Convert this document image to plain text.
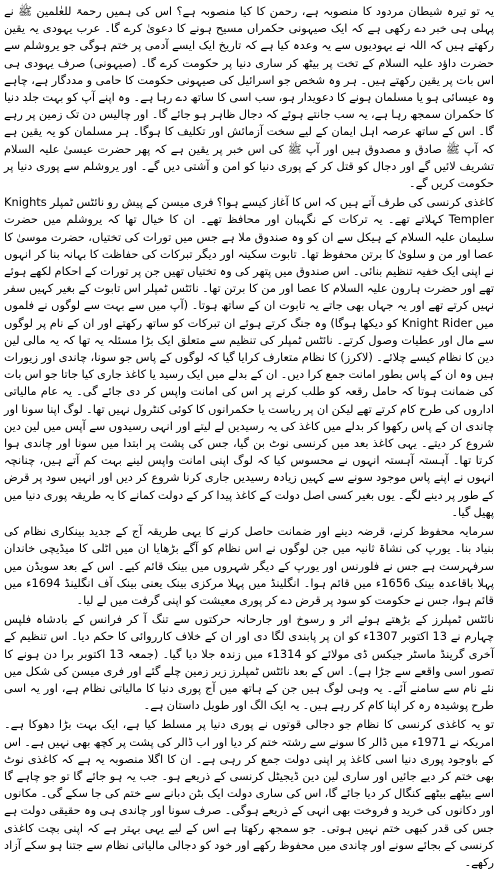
یہ تو تیرہ شیطان مردود کا منصوبہ ہے، رحمن کا کیا منصوبہ ہے؟ اس کی ہمیں رحمۃ للعٰلمین ﷺ نے پہلی ہی خبر دے رکھی ہے کہ ایک صیہونی حکمراں مسیح ہونے کا دعویٰ کرے گا۔ عرب یہودی یہ یقین رکھتے ہیں کہ اللہ نے یہودیوں سے یہ وعدہ کیا ہے کہ تاریخ ایک ایسے آدمی پر ختم ہوگی جو یروشلم سے حضرت داؤد علیہ السلام کے تخت پر بیٹھ کر ساری دنیا پر حکومت کرے گا۔ (صیہونی) صرف یہودی ہی اس بات پر یقین رکھتے ہیں۔ ہر وہ شخص جو اسرائیل کی صیہونی حکومت کا حامی و مددگار ہے، چاہے وہ عیسائی ہو یا مسلمان ہونے کا دعویدار ہو، سب اسی کا ساتھ دے رہا ہے۔ وہ اپنے آپ کو بہت جلد دنیا کا حکمران سمجھ رہا ہے، یہ سب جانتے ہوئے کہ دجال ظاہر ہو جائے گا۔ اور چالیس دن تک زمین پر رہے گا۔ اس کے ساتھ عرصہ اہل ایمان کے لیے سخت آزمائش اور تکلیف کا ہوگا۔ ہر مسلمان کو یہ یقین ہے کہ آپ ﷺ صادق و مصدوق ہیں اور آپ ﷺ کی اس خبر پر یقین ہے کہ پھر حضرت عیسیٰ علیہ السلام تشریف لائیں گے اور دجال کو قتل کر کے پوری دنیا کو امن و آشتی دیں گے۔ اور یروشلم سے پوری دنیا پر حکومت کریں گے۔

کاغذی کرنسی کی طرف آتے ہیں کہ اس کا آغاز کیسے ہوا؟ فری میسن کے پیش رو نائٹس ٹمپلر Knights Templer کہلاتے تھے۔ یہ ترکات کے نگہبان اور محافظ تھے۔ ان کا خیال تھا کہ یروشلم میں حضرت سلیمان علیہ السلام کے ہیکل سے ان کو وہ صندوق ملا ہے جس میں تورات کی تختیاں، حضرت موسیٰ کا عصا اور من و سلویٰ کا برتن محفوظ تھا۔ تابوت سکینہ اور دیگر تبرکات کی حفاظت کا بہانہ بنا کر انہوں نے اپنی ایک خفیہ تنظیم بنائی۔ اس صندوق میں پتھر کی وہ تختیاں تھیں جن پر تورات کے احکام لکھے ہوئے تھے اور حضرت ہارون علیہ السلام کا عصا اور من کا برتن تھا۔ نائٹس ٹمپلر اس تابوت کے بغیر کہیں سفر نہیں کرتے تھے اور یہ جہاں بھی جاتے یہ تابوت ان کے ساتھ ہوتا۔ (آپ میں سے بہت سے لوگوں نے فلموں میں Knight Rider کو دیکھا ہوگا) وہ جنگ کرتے ہوئے ان تبرکات کو ساتھ رکھتے اور ان کے نام پر لوگوں سے مال اور عطیات وصول کرتے۔ نائٹس ٹمپلر کی تنظیم سے متعلق ایک بڑا مسئلہ یہ تھا کہ یہ مالی لین دین کا نظام کیسے چلائے۔ (لاکرز) کا نظام متعارف کرایا گیا کہ لوگوں کے پاس جو سونا، چاندی اور زیورات ہیں وہ ان کے پاس بطور امانت جمع کرا دیں۔ ان کے بدلے میں ایک رسید یا کاغذ جاری کیا جاتا جو اس بات کی ضمانت ہوتا کہ حامل رقعہ کو طلب کرنے پر اس کی امانت واپس کر دی جائے گی۔ یہ عام مالیاتی اداروں کی طرح کام کرتے تھے لیکن ان پر ریاست یا حکمرانوں کا کوئی کنٹرول نہیں تھا۔ لوگ اپنا سونا اور چاندی ان کے پاس رکھوا کر بدلے میں کاغذ کی یہ رسیدیں لے لیتے اور انہی رسیدوں سے آپس میں لین دین شروع کر دیتے۔ یہی کاغذ بعد میں کرنسی نوٹ بن گیا، جس کی پشت پر ابتدا میں سونا اور چاندی ہوا کرتا تھا۔ آہستہ آہستہ انہوں نے محسوس کیا کہ لوگ اپنی امانت واپس لینے بہت کم آتے ہیں، چنانچہ انہوں نے اپنے پاس موجود سونے سے کہیں زیادہ رسیدیں جاری کرنا شروع کر دیں اور انہیں سود پر قرض کے طور پر دینے لگے۔ یوں بغیر کسی اصل دولت کے کاغذ پیدا کر کے دولت کمانے کا یہ طریقہ پوری دنیا میں پھیل گیا۔

سرمایہ محفوظ کرنے، قرضہ دینے اور ضمانت حاصل کرنے کا یہی طریقہ آج کے جدید بینکاری نظام کی بنیاد بنا۔ یورپ کی نشاۃ ثانیہ میں جن لوگوں نے اس نظام کو آگے بڑھایا ان میں اٹلی کا میڈیچی خاندان سرفہرست ہے جس نے فلورنس اور یورپ کے دیگر شہروں میں بینک قائم کیے۔ اس کے بعد سویڈن میں پہلا باقاعدہ بینک 1656ء میں قائم ہوا۔ انگلینڈ میں پہلا مرکزی بینک یعنی بینک آف انگلینڈ 1694ء میں قائم ہوا، جس نے حکومت کو سود پر قرض دے کر پوری معیشت کو اپنی گرفت میں لے لیا۔

نائٹس ٹمپلرز کے بڑھتے ہوئے اثر و رسوخ اور جارحانہ حرکتوں سے تنگ آ کر فرانس کے بادشاہ فلپس چہارم نے 13 اکتوبر 1307ء کو ان پر پابندی لگا دی اور ان کے خلاف کارروائی کا حکم دیا۔ اس تنظیم کے آخری گرینڈ ماسٹر جیکس ڈی مولائے کو 1314ء میں زندہ جلا دیا گیا۔ (جمعہ 13 اکتوبر برا دن ہونے کا تصور اسی واقعے سے جڑا ہے)۔ اس کے بعد نائٹس ٹمپلرز زیر زمین چلے گئے اور فری میسن کی شکل میں نئے نام سے سامنے آئے۔ یہ وہی لوگ ہیں جن کے ہاتھ میں آج پوری دنیا کا مالیاتی نظام ہے، اور یہ اسی طرح پوشیدہ رہ کر اپنا کام کر رہے ہیں۔ یہ ایک الگ اور طویل داستان ہے۔

تو یہ کاغذی کرنسی کا نظام جو دجالی قوتوں نے پوری دنیا پر مسلط کیا ہے، ایک بہت بڑا دھوکا ہے۔ امریکہ نے 1971ء میں ڈالر کا سونے سے رشتہ ختم کر دیا اور اب ڈالر کی پشت پر کچھ بھی نہیں ہے۔ اس کے باوجود پوری دنیا اسی کاغذ پر اپنی دولت جمع کر رہی ہے۔ ان کا اگلا منصوبہ یہ ہے کہ کاغذی نوٹ بھی ختم کر دیے جائیں اور ساری لین دین ڈیجیٹل کرنسی کے ذریعے ہو۔ جب یہ ہو جائے گا تو جو چاہے گا اسے بیٹھے بیٹھے کنگال کر دیا جائے گا، اس کی ساری دولت ایک بٹن دبانے سے ختم کی جا سکے گی۔ مکانوں اور دکانوں کی خرید و فروخت بھی انہی کے ذریعے ہوگی۔ صرف سونا اور چاندی ہی وہ حقیقی دولت ہے جس کی قدر کبھی ختم نہیں ہوتی۔ جو سمجھ رکھتا ہے اس کے لیے یہی بہتر ہے کہ اپنی بچت کاغذی کرنسی کے بجائے سونے اور چاندی میں محفوظ رکھے اور خود کو دجالی مالیاتی نظام سے جتنا ہو سکے آزاد رکھے۔
